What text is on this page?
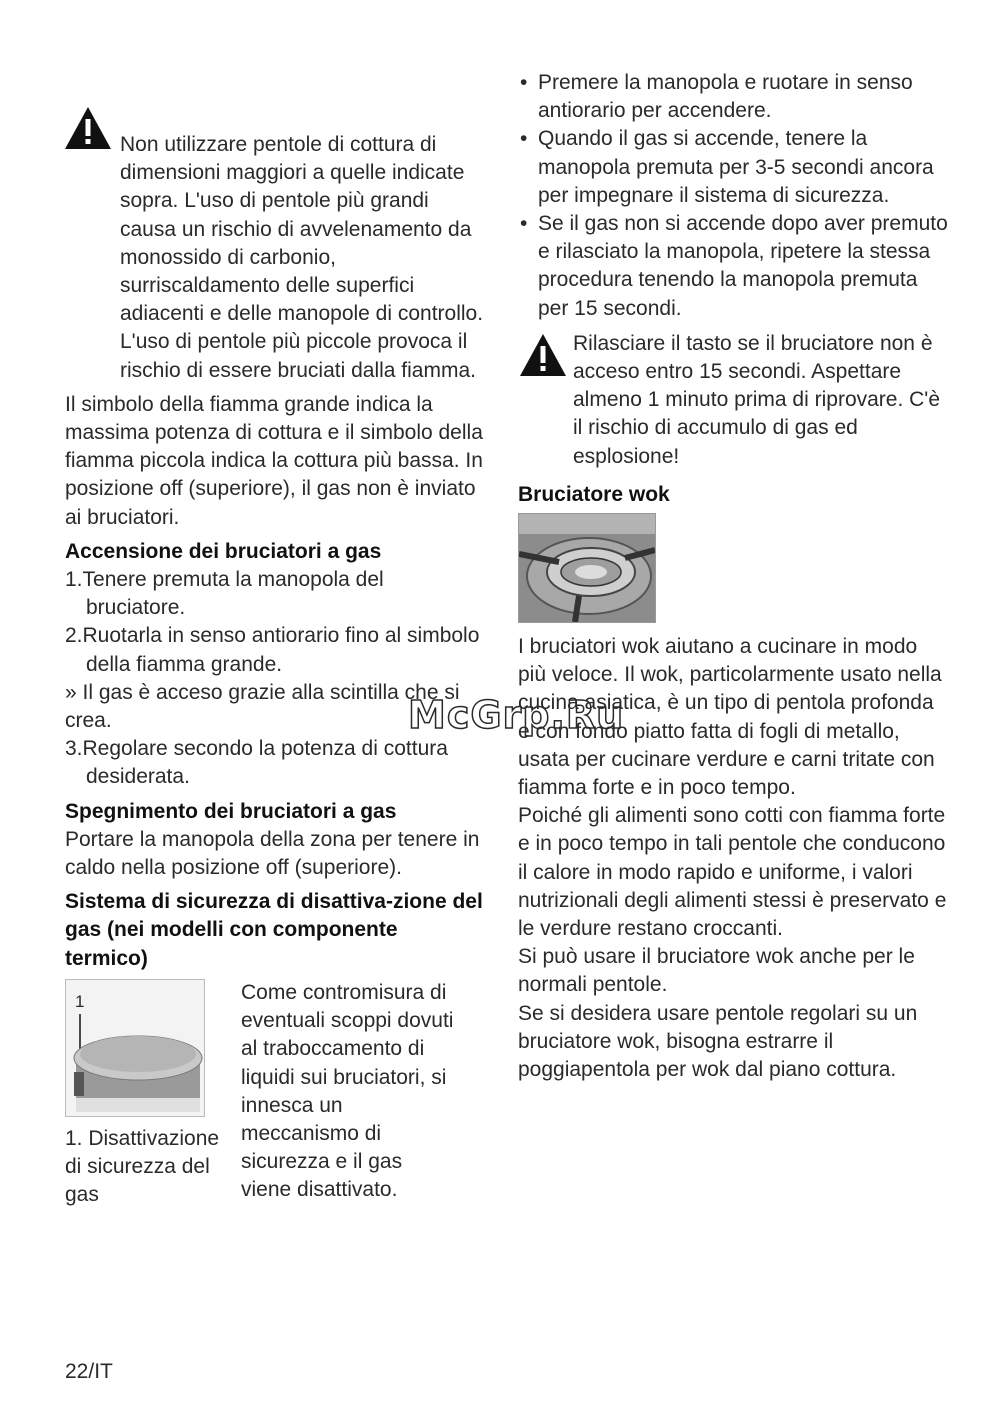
Non utilizzare pentole di cottura di dimensioni maggiori a quelle indicate sopra. L'uso di pentole più grandi causa un rischio di avvelenamento da monossido di carbonio, surriscaldamento delle superfici adiacenti e delle manopole di controllo. L'uso di pentole più piccole provoca il rischio di essere bruciati dalla fiamma.

Il simbolo della fiamma grande indica la massima potenza di cottura e il simbolo della fiamma piccola indica la cottura più bassa. In posizione off (superiore), il gas non è inviato ai bruciatori.

Accensione dei bruciatori a gas
1.Tenere premuta la manopola del bruciatore.
2.Ruotarla in senso antiorario fino al simbolo della fiamma grande.

» Il gas è acceso grazie alla scintilla che si crea.

3.Regolare secondo la potenza di cottura desiderata.
Spegnimento dei bruciatori a gas

Portare la manopola della zona per tenere in caldo nella posizione off (superiore).

Sistema di sicurezza di disattiva-zione del gas (nei modelli con componente termico)
1

1. Disattivazione di sicurezza del gas

Come contromisura di eventuali scoppi dovuti al traboccamento di liquidi sui bruciatori, si innesca un meccanismo di sicurezza e il gas viene disattivato.

• Premere la manopola e ruotare in senso antiorario per accendere.
• Quando il gas si accende, tenere la manopola premuta per 3-5 secondi ancora per impegnare il sistema di sicurezza.
• Se il gas non si accende dopo aver premuto e rilasciato la manopola, ripetere la stessa procedura tenendo la manopola premuta per 15 secondi.

Rilasciare il tasto se il bruciatore non è acceso entro 15 secondi. Aspettare almeno 1 minuto prima di riprovare. C'è il rischio di accumulo di gas ed esplosione!

Bruciatore wok

I bruciatori wok aiutano a cucinare in modo più veloce. Il wok, particolarmente usato nella cucina asiatica, è un tipo di pentola profonda e con fondo piatto fatta di fogli di metallo, usata per cucinare verdure e carni tritate con fiamma forte e in poco tempo.

Poiché gli alimenti sono cotti con fiamma forte e in poco tempo in tali pentole che conducono il calore in modo rapido e uniforme, i valori nutrizionali degli alimenti stessi è preservato e le verdure restano croccanti.

Si può usare il bruciatore wok anche per le normali pentole.

Se si desidera usare pentole regolari su un bruciatore wok, bisogna estrarre il poggiapentola per wok dal piano cottura.

22/IT
McGrp.Ru
